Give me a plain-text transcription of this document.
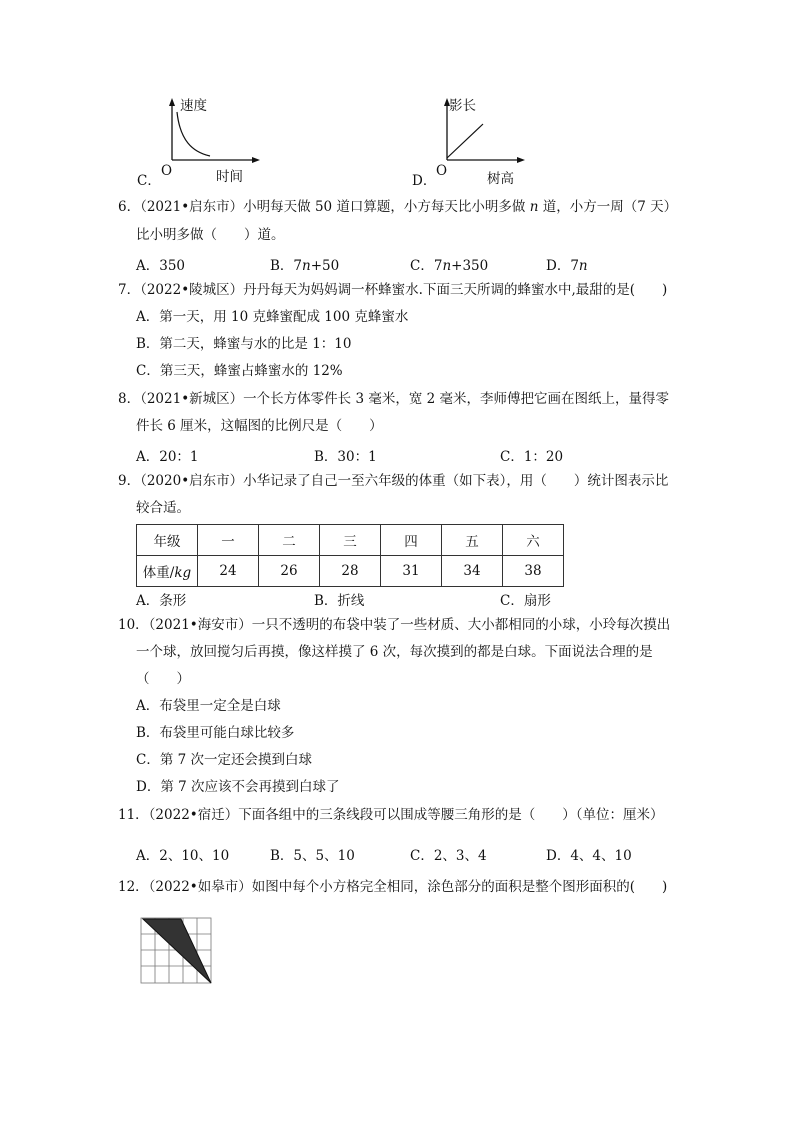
速度
O	时间
C．
影长
O	树高
D．
6．（2021•启东市）小明每天做 50 道口算题，小方每天比小明多做 n 道，小方一周（7 天）
比小明多做（　　）道。
A．350	B．7n+50	C．7n+350	D．7n
7．（2022•陵城区）丹丹每天为妈妈调一杯蜂蜜水.下面三天所调的蜂蜜水中,最甜的是(　　)
A．第一天，用 10 克蜂蜜配成 100 克蜂蜜水
B．第二天，蜂蜜与水的比是 1：10
C．第三天，蜂蜜占蜂蜜水的 12%
8．（2021•新城区）一个长方体零件长 3 毫米，宽 2 毫米，李师傅把它画在图纸上，量得零
件长 6 厘米，这幅图的比例尺是（　　）
A．20：1	B．30：1	C．1：20
9．（2020•启东市）小华记录了自己一至六年级的体重（如下表），用（　　）统计图表示比
较合适。
年级	一	二	三	四	五	六
体重/kg	24	26	28	31	34	38
A．条形	B．折线	C．扇形
10．（2021•海安市）一只不透明的布袋中装了一些材质、大小都相同的小球，小玲每次摸出
一个球，放回搅匀后再摸，像这样摸了 6 次，每次摸到的都是白球。下面说法合理的是
（　　）
A．布袋里一定全是白球
B．布袋里可能白球比较多
C．第 7 次一定还会摸到白球
D．第 7 次应该不会再摸到白球了
11．（2022•宿迁）下面各组中的三条线段可以围成等腰三角形的是（　　）（单位：厘米）
A．2、10、10	B．5、5、10	C．2、3、4	D．4、4、10
12．（2022•如皋市）如图中每个小方格完全相同，涂色部分的面积是整个图形面积的(　　)
